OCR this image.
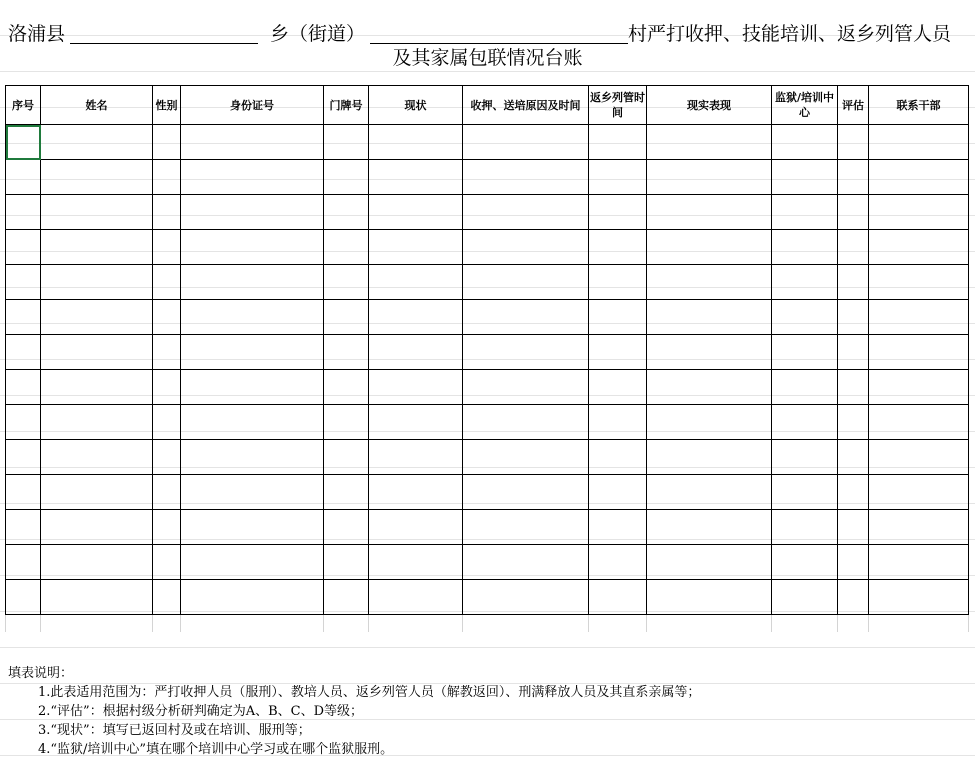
洛浦县	乡（街道）	村严打收押、技能培训、返乡列管人员
及其家属包联情况台账
序号	姓名	性别	身份证号	门牌号	现状	收押、送培原因及时间	返乡列管时间	现实表现	监狱/培训中心	评估	联系干部

填表说明：

1.此表适用范围为：严打收押人员（服刑）、教培人员、返乡列管人员（解教返回）、刑满释放人员及其直系亲属等；

2.“评估”：根据村级分析研判确定为A、B、C、D等级；

3.“现状”：填写已返回村及或在培训、服刑等；

4.“监狱/培训中心”填在哪个培训中心学习或在哪个监狱服刑。
